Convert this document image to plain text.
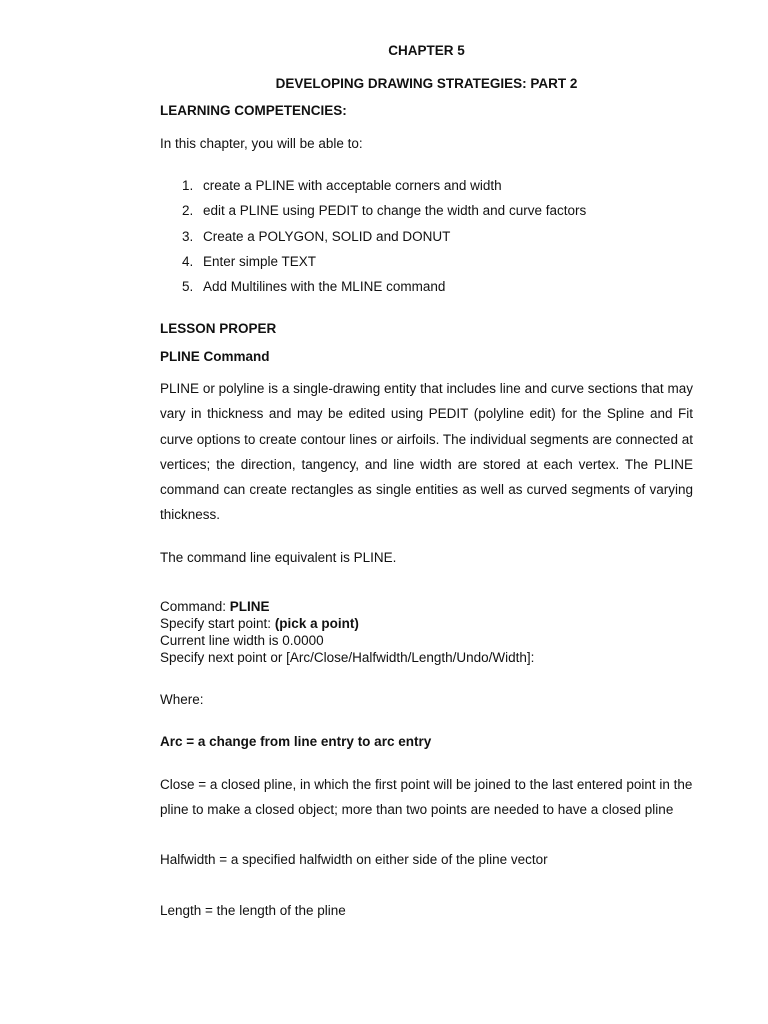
CHAPTER 5
DEVELOPING DRAWING STRATEGIES: PART 2
LEARNING COMPETENCIES:
In this chapter, you will be able to:
1. create a PLINE with acceptable corners and width
2. edit a PLINE using PEDIT to change the width and curve factors
3. Create a POLYGON, SOLID and DONUT
4. Enter simple TEXT
5. Add Multilines with the MLINE command
LESSON PROPER
PLINE Command
PLINE or polyline is a single-drawing entity that includes line and curve sections that may vary in thickness and may be edited using PEDIT (polyline edit) for the Spline and Fit curve options to create contour lines or airfoils. The individual segments are connected at vertices; the direction, tangency, and line width are stored at each vertex. The PLINE command can create rectangles as single entities as well as curved segments of varying thickness.
The command line equivalent is PLINE.
Command: PLINE
Specify start point: (pick a point)
Current line width is 0.0000
Specify next point or [Arc/Close/Halfwidth/Length/Undo/Width]:
Where:
Arc = a change from line entry to arc entry
Close = a closed pline, in which the first point will be joined to the last entered point in the pline to make a closed object; more than two points are needed to have a closed pline
Halfwidth = a specified halfwidth on either side of the pline vector
Length = the length of the pline
